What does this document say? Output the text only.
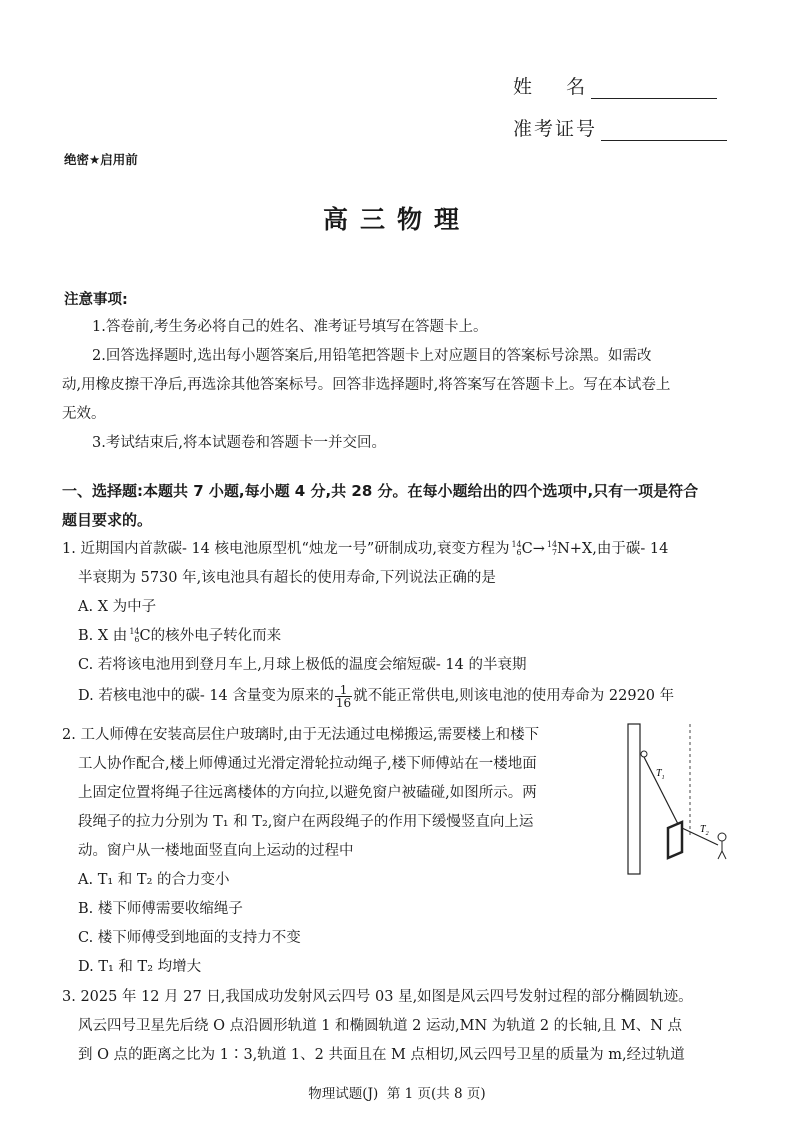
姓    名
准考证号
绝密★启用前
高三物理
注意事项:
1.答卷前,考生务必将自己的姓名、准考证号填写在答题卡上。
2.回答选择题时,选出每小题答案后,用铅笔把答题卡上对应题目的答案标号涂黑。如需改
动,用橡皮擦干净后,再选涂其他答案标号。回答非选择题时,将答案写在答题卡上。写在本试卷上
无效。
3.考试结束后,将本试题卷和答题卡一并交回。
一、选择题:本题共 7 小题,每小题 4 分,共 28 分。在每小题给出的四个选项中,只有一项是符合
题目要求的。
1. 近期国内首款碳- 14 核电池原型机“烛龙一号”研制成功,衰变方程为 14
6 C→ 14
7 N+X,由于碳- 14
半衰期为 5730 年,该电池具有超长的使用寿命,下列说法正确的是
A. X 为中子
B. X 由 14
6 C的核外电子转化而来
C. 若将该电池用到登月车上,月球上极低的温度会缩短碳- 14 的半衰期
D. 若核电池中的碳- 14 含量变为原来的 $\frac{1}{16}$ 就不能正常供电,则该电池的使用寿命为 22920 年
2. 工人师傅在安装高层住户玻璃时,由于无法通过电梯搬运,需要楼上和楼下
工人协作配合,楼上师傅通过光滑定滑轮拉动绳子,楼下师傅站在一楼地面
上固定位置将绳子往远离楼体的方向拉,以避免窗户被磕碰,如图所示。两
段绳子的拉力分别为 T₁ 和 T₂,窗户在两段绳子的作用下缓慢竖直向上运
动。窗户从一楼地面竖直向上运动的过程中
A. T₁ 和 T₂ 的合力变小
B. 楼下师傅需要收缩绳子
C. 楼下师傅受到地面的支持力不变
D. T₁ 和 T₂ 均增大
$T_1$
$T_2$
3. 2025 年 12 月 27 日,我国成功发射风云四号 03 星,如图是风云四号发射过程的部分椭圆轨迹。
风云四号卫星先后绕 O 点沿圆形轨道 1 和椭圆轨道 2 运动,MN 为轨道 2 的长轴,且 M、N 点
到 O 点的距离之比为 1∶3,轨道 1、2 共面且在 M 点相切,风云四号卫星的质量为 m,经过轨道
物理试题(J)  第 1 页(共 8 页)
